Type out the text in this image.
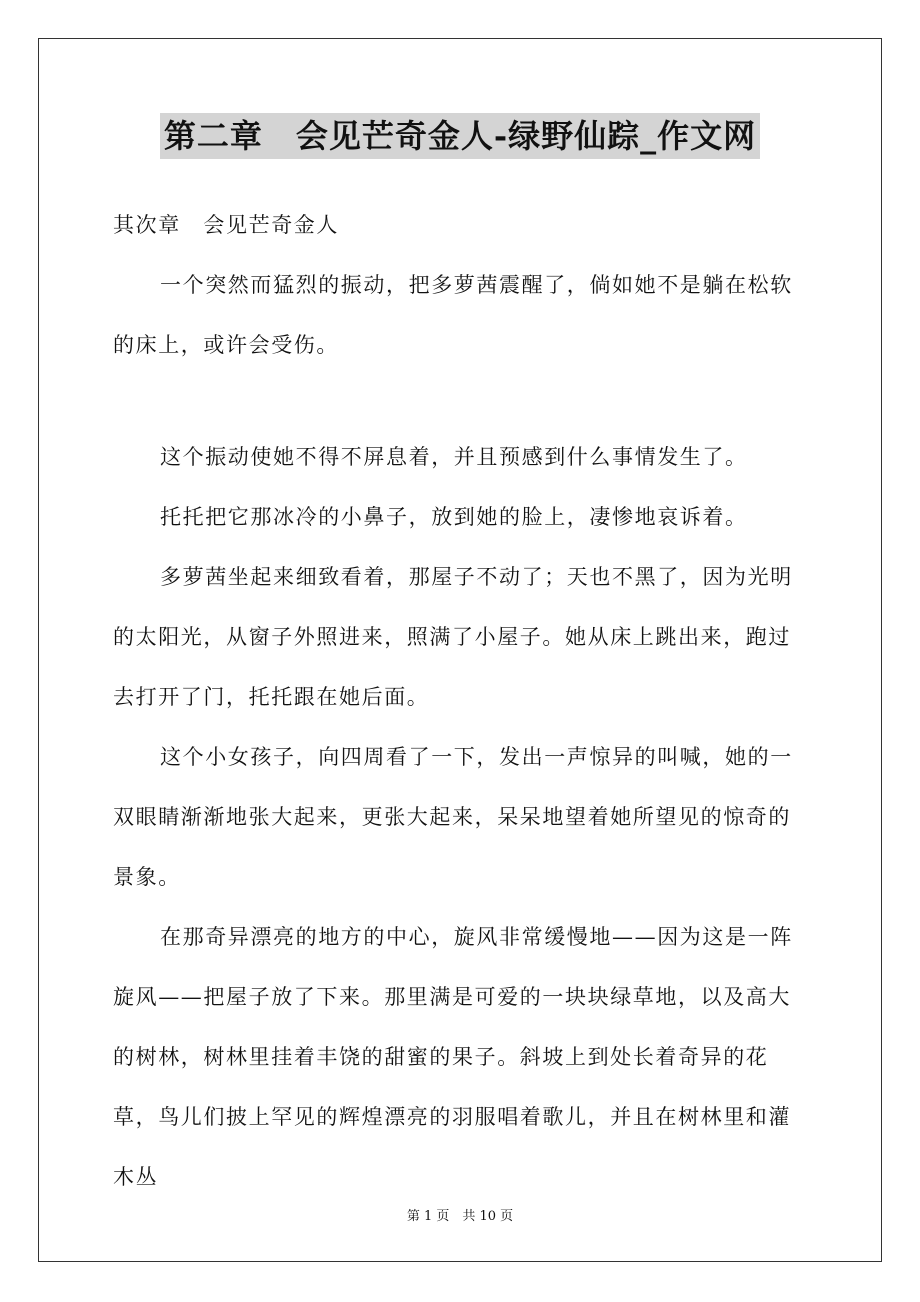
第二章　会见芒奇金人-绿野仙踪_作文网

其次章　会见芒奇金人

一个突然而猛烈的振动，把多萝茜震醒了，倘如她不是躺在松软的床上，或许会受伤。

这个振动使她不得不屏息着，并且预感到什么事情发生了。

托托把它那冰冷的小鼻子，放到她的脸上，凄惨地哀诉着。

多萝茜坐起来细致看着，那屋子不动了；天也不黑了，因为光明的太阳光，从窗子外照进来，照满了小屋子。她从床上跳出来，跑过去打开了门，托托跟在她后面。

这个小女孩子，向四周看了一下，发出一声惊异的叫喊，她的一双眼睛渐渐地张大起来，更张大起来，呆呆地望着她所望见的惊奇的景象。

在那奇异漂亮的地方的中心，旋风非常缓慢地——因为这是一阵旋风——把屋子放了下来。那里满是可爱的一块块绿草地，以及高大的树林，树林里挂着丰饶的甜蜜的果子。斜坡上到处长着奇异的花草，鸟儿们披上罕见的辉煌漂亮的羽服唱着歌儿，并且在树林里和灌木丛

第 1 页　共 10 页
